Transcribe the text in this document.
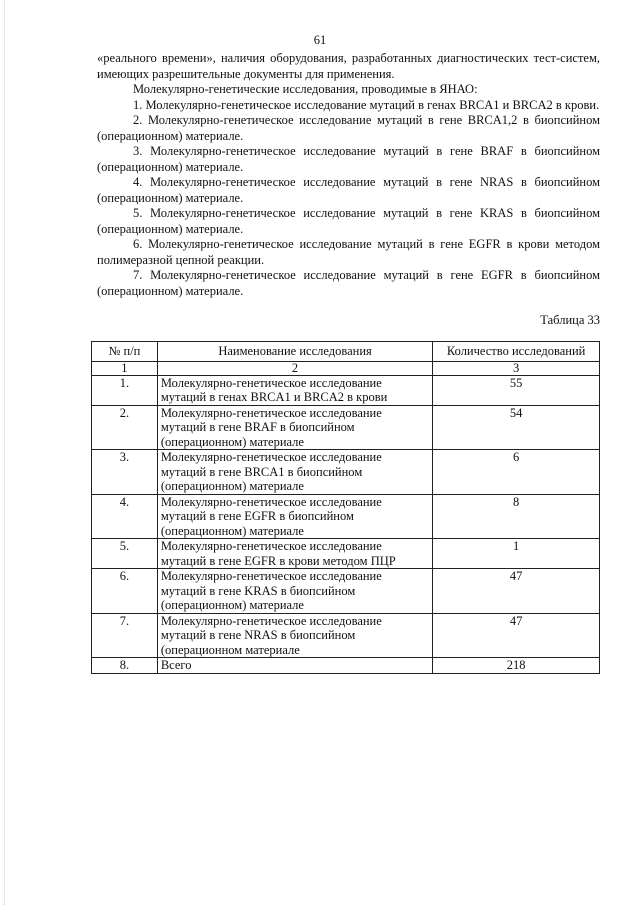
61

«реального времени», наличия оборудования, разработанных диагностических тест-систем, имеющих разрешительные документы для применения.

Молекулярно-генетические исследования, проводимые в ЯНАО:

1. Молекулярно-генетическое исследование мутаций в генах BRCA1 и BRCA2 в крови.

2. Молекулярно-генетическое исследование мутаций в гене BRCA1,2 в биопсийном (операционном) материале.

3. Молекулярно-генетическое исследование мутаций в гене BRAF в биопсийном (операционном) материале.

4. Молекулярно-генетическое исследование мутаций в гене NRAS в биопсийном (операционном) материале.

5. Молекулярно-генетическое исследование мутаций в гене KRAS в биопсийном (операционном) материале.

6. Молекулярно-генетическое исследование мутаций в гене EGFR в крови методом полимеразной цепной реакции.

7. Молекулярно-генетическое исследование мутаций в гене EGFR в биопсийном (операционном) материале.

Таблица 33
№ п/п	Наименование исследования	Количество исследований
1	2	3
1.	Молекулярно-генетическое исследование мутаций в генах BRCA1 и BRCA2 в крови	55
2.	Молекулярно-генетическое исследование мутаций в гене BRAF в биопсийном (операционном) материале	54
3.	Молекулярно-генетическое исследование мутаций в гене BRCA1 в биопсийном (операционном) материале	6
4.	Молекулярно-генетическое исследование мутаций в гене EGFR в биопсийном (операционном) материале	8
5.	Молекулярно-генетическое исследование мутаций в гене EGFR в крови методом ПЦР	1
6.	Молекулярно-генетическое исследование мутаций в гене KRAS в биопсийном (операционном) материале	47
7.	Молекулярно-генетическое исследование мутаций в гене NRAS в биопсийном (операционном материале	47
8.	Всего	218
